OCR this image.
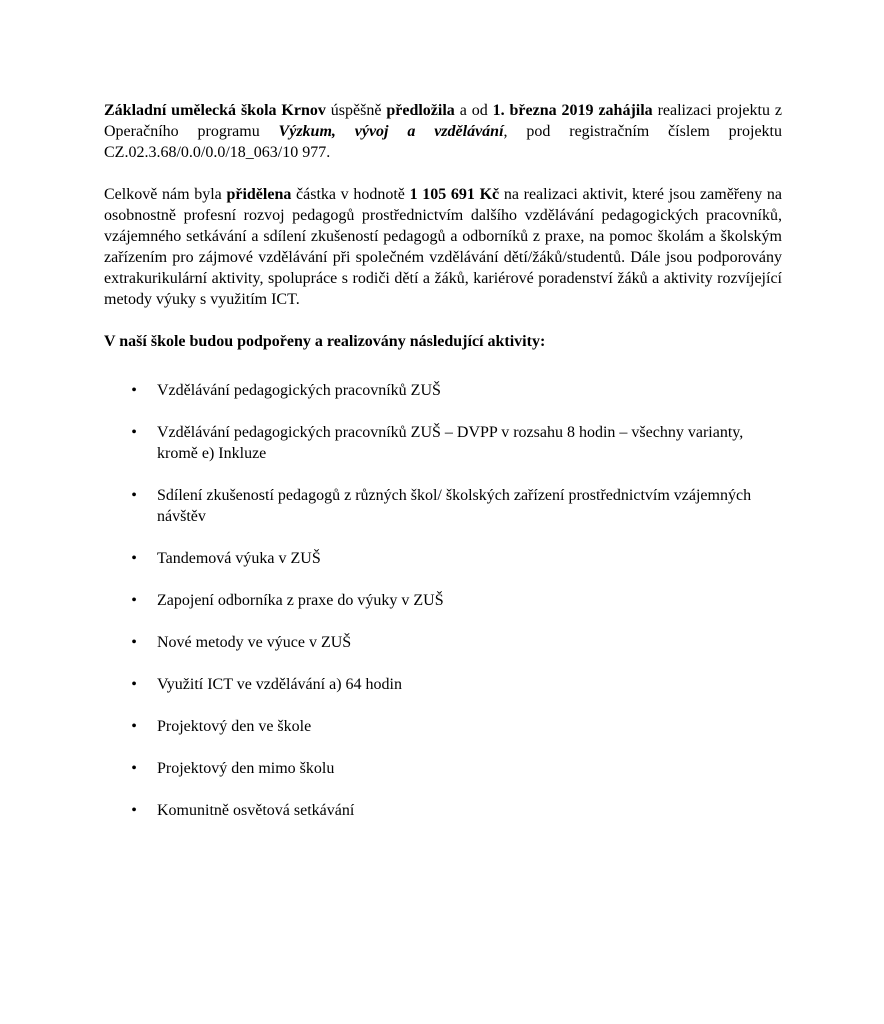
Základní umělecká škola Krnov úspěšně předložila a od 1. března 2019 zahájila realizaci projektu z Operačního programu Výzkum, vývoj a vzdělávání, pod registračním číslem projektu CZ.02.3.68/0.0/0.0/18_063/10 977.

Celkově nám byla přidělena částka v hodnotě 1 105 691 Kč na realizaci aktivit, které jsou zaměřeny na osobnostně profesní rozvoj pedagogů prostřednictvím dalšího vzdělávání pedagogických pracovníků, vzájemného setkávání a sdílení zkušeností pedagogů a odborníků z praxe, na pomoc školám a školským zařízením pro zájmové vzdělávání při společném vzdělávání dětí/žáků/studentů. Dále jsou podporovány extrakurikulární aktivity, spolupráce s rodiči dětí a žáků, kariérové poradenství žáků a aktivity rozvíjející metody výuky s využitím ICT.

V naší škole budou podpořeny a realizovány následující aktivity:

• Vzdělávání pedagogických pracovníků ZUŠ
• Vzdělávání pedagogických pracovníků ZUŠ – DVPP v rozsahu 8 hodin – všechny varianty, kromě e) Inkluze
• Sdílení zkušeností pedagogů z různých škol/ školských zařízení prostřednictvím vzájemných návštěv
• Tandemová výuka v ZUŠ
• Zapojení odborníka z praxe do výuky v ZUŠ
• Nové metody ve výuce v ZUŠ
• Využití ICT ve vzdělávání a) 64 hodin
• Projektový den ve škole
• Projektový den mimo školu
• Komunitně osvětová setkávání
